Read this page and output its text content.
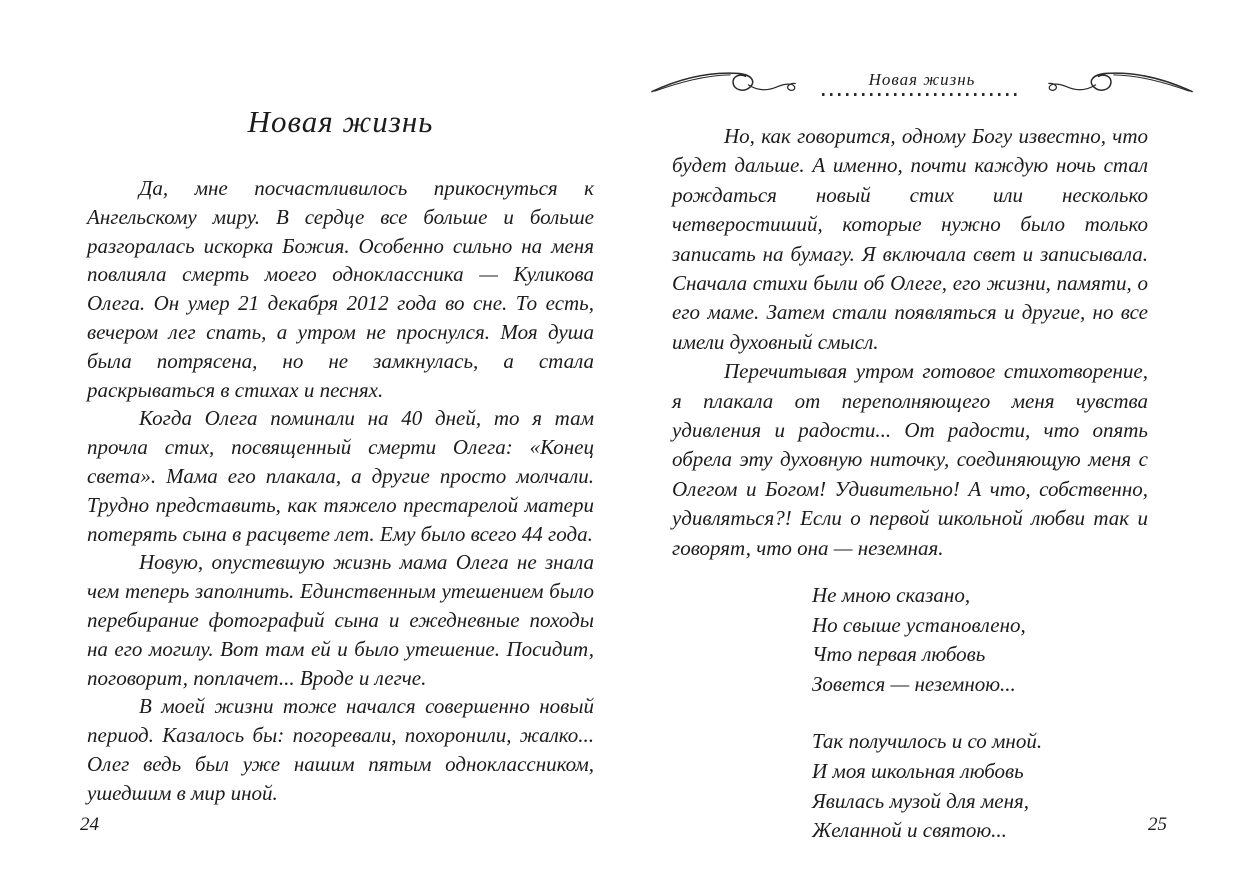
Новая жизнь

Да, мне посчастливилось прикоснуться к Ангельскому миру. В сердце все больше и больше разгоралась искорка Божия. Особенно сильно на меня повлияла смерть моего одноклассника — Куликова Олега. Он умер 21 декабря 2012 года во сне. То есть, вечером лег спать, а утром не проснулся. Моя душа была потрясена, но не замкнулась, а стала раскрываться в стихах и песнях.

Когда Олега поминали на 40 дней, то я там прочла стих, посвященный смерти Олега: «Конец света». Мама его плакала, а другие просто молчали. Трудно представить, как тяжело престарелой матери потерять сына в расцвете лет. Ему было всего 44 года.

Новую, опустевшую жизнь мама Олега не знала чем теперь заполнить. Единственным утешением было перебирание фотографий сына и ежедневные походы на его могилу. Вот там ей и было утешение. Посидит, поговорит, поплачет... Вроде и легче.

В моей жизни тоже начался совершенно новый период. Казалось бы: погоревали, похоронили, жалко... Олег ведь был уже нашим пятым одноклассником, ушедшим в мир иной.

Новая жизнь

Но, как говорится, одному Богу известно, что будет дальше. А именно, почти каждую ночь стал рождаться новый стих или несколько четверостиший, которые нужно было только записать на бумагу. Я включала свет и записывала. Сначала стихи были об Олеге, его жизни, памяти, о его маме. Затем стали появляться и другие, но все имели духовный смысл.

Перечитывая утром готовое стихотворение, я плакала от переполняющего меня чувства удивления и радости... От радости, что опять обрела эту духовную ниточку, соединяющую меня с Олегом и Богом! Удивительно! А что, собственно, удивляться?! Если о первой школьной любви так и говорят, что она — неземная.

Не мною сказано,
Но свыше установлено,
Что первая любовь
Зовется — неземною...
Так получилось и со мной.
И моя школьная любовь
Явилась музой для меня,
Желанной и святою...
24	25
